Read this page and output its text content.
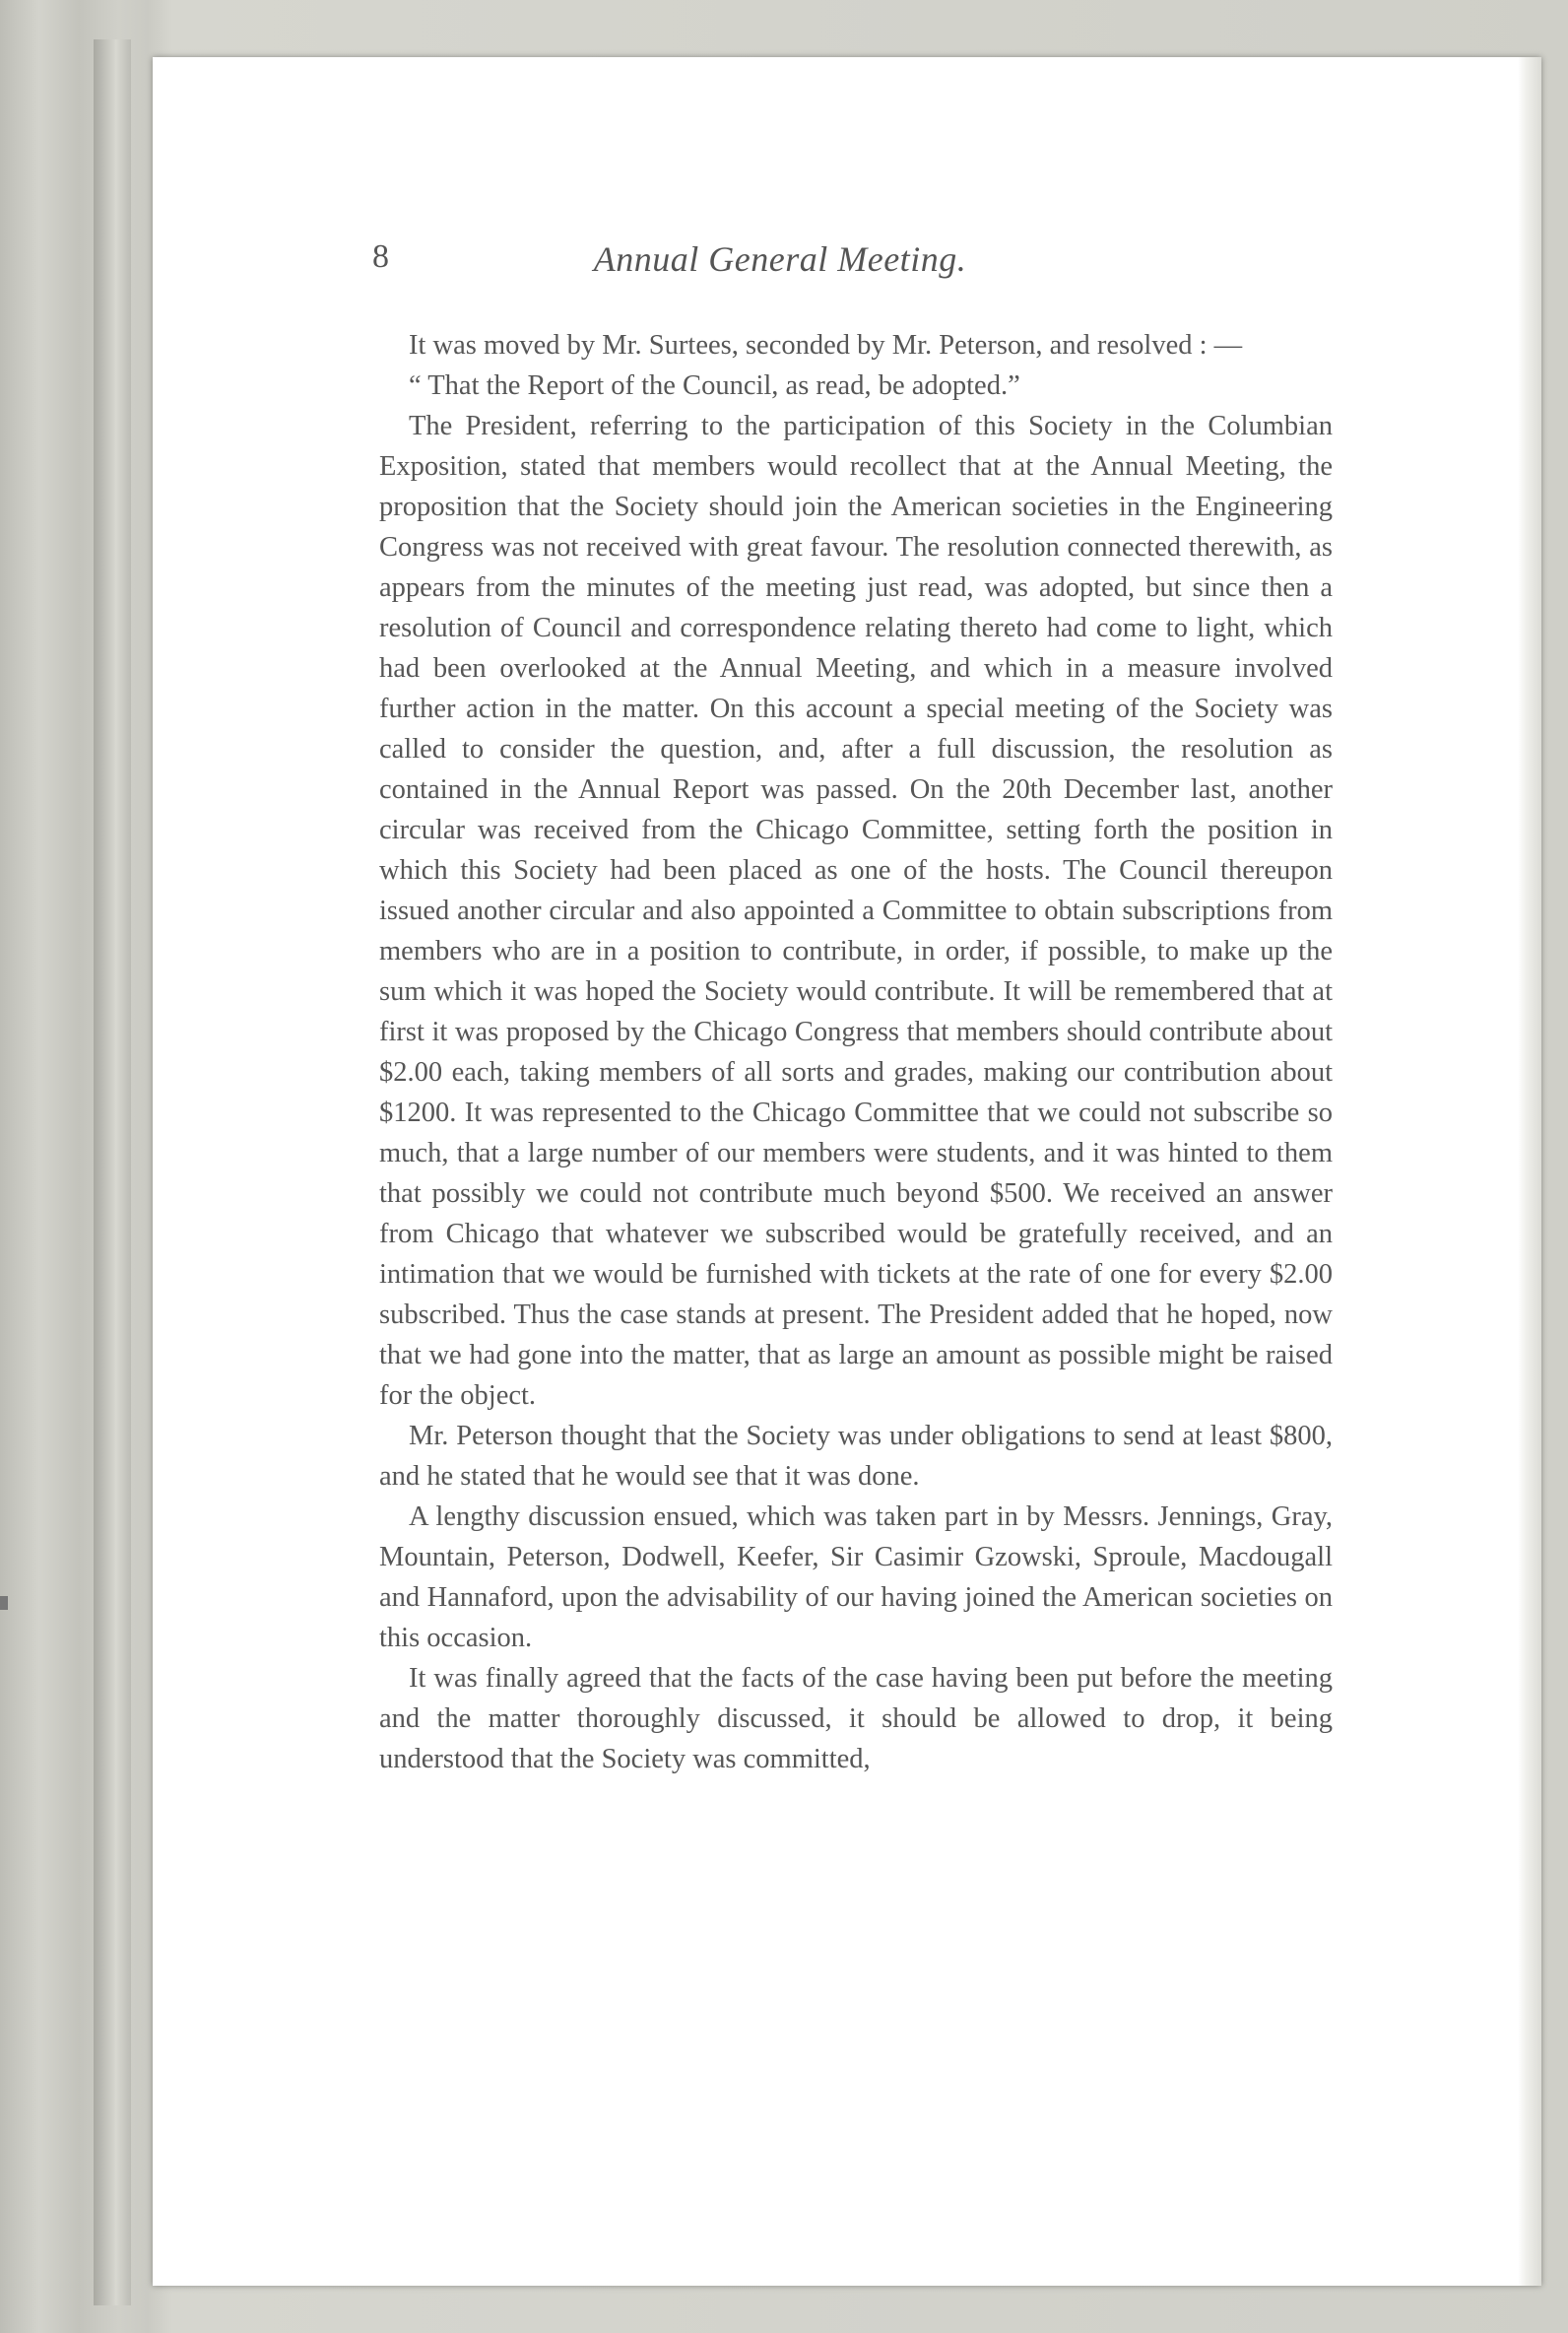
8	Annual General Meeting.

It was moved by Mr. Surtees, seconded by Mr. Peterson, and resolved : —

“ That the Report of the Council, as read, be adopted.”

The President, referring to the participation of this Society in the Columbian Exposition, stated that members would recollect that at the Annual Meeting, the proposition that the Society should join the American societies in the Engineering Congress was not received with great favour. The resolution connected therewith, as appears from the minutes of the meeting just read, was adopted, but since then a resolution of Council and correspondence relating thereto had come to light, which had been overlooked at the Annual Meeting, and which in a measure involved further action in the matter. On this account a special meeting of the Society was called to consider the question, and, after a full discussion, the resolution as contained in the Annual Report was passed. On the 20th December last, another circular was received from the Chicago Committee, setting forth the position in which this Society had been placed as one of the hosts. The Council thereupon issued another circular and also appointed a Committee to obtain subscriptions from members who are in a position to contribute, in order, if possible, to make up the sum which it was hoped the Society would contribute. It will be remembered that at first it was proposed by the Chicago Congress that members should contribute about $2.00 each, taking members of all sorts and grades, making our contribution about $1200. It was represented to the Chicago Committee that we could not subscribe so much, that a large number of our members were students, and it was hinted to them that possibly we could not contribute much beyond $500. We received an answer from Chicago that whatever we subscribed would be gratefully received, and an intimation that we would be furnished with tickets at the rate of one for every $2.00 subscribed. Thus the case stands at present. The President added that he hoped, now that we had gone into the matter, that as large an amount as possible might be raised for the object.

Mr. Peterson thought that the Society was under obligations to send at least $800, and he stated that he would see that it was done.

A lengthy discussion ensued, which was taken part in by Messrs. Jennings, Gray, Mountain, Peterson, Dodwell, Keefer, Sir Casimir Gzowski, Sproule, Macdougall and Hannaford, upon the advisability of our having joined the American societies on this occasion.

It was finally agreed that the facts of the case having been put before the meeting and the matter thoroughly discussed, it should be allowed to drop, it being understood that the Society was committed,
